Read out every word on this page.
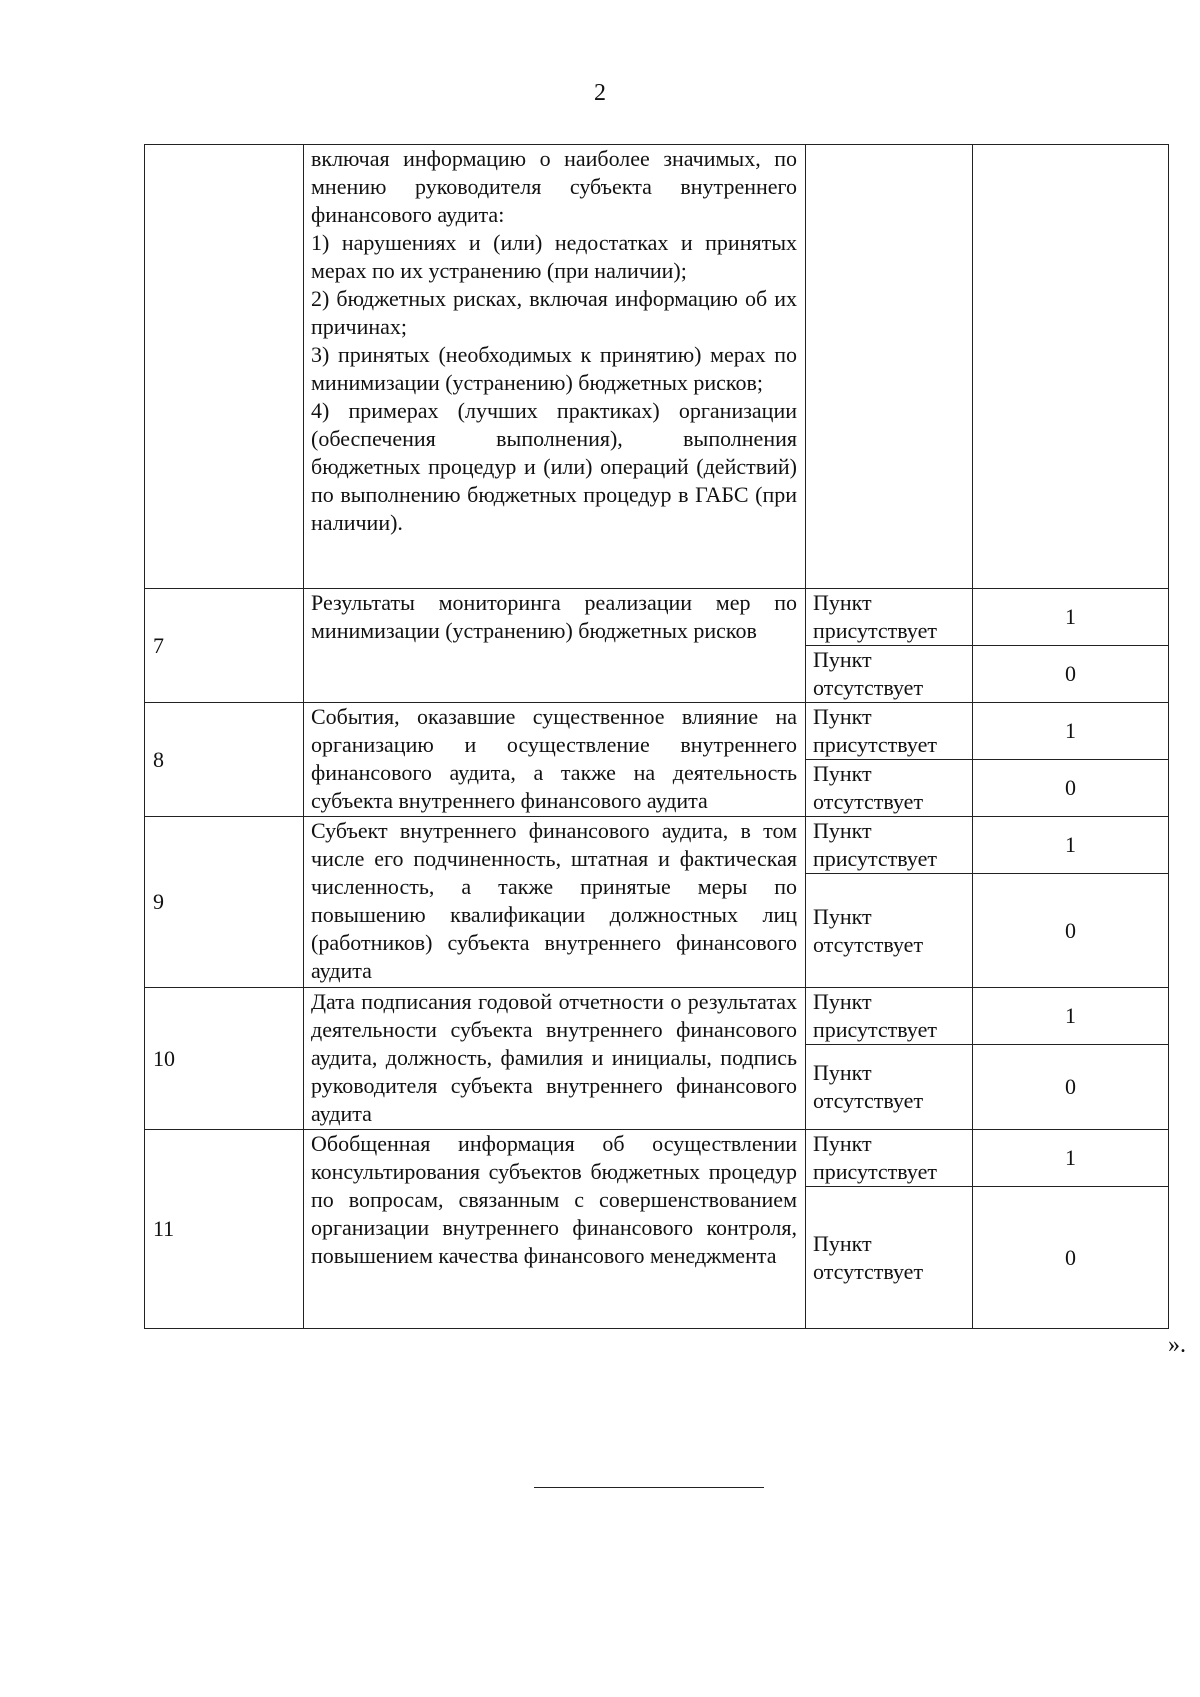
2

	включая информацию о наиболее значимых, по мнению руководителя субъекта внутреннего финансового аудита:
1) нарушениях и (или) недостатках и принятых мерах по их устранению (при наличии);
2) бюджетных рисках, включая информацию об их причинах;
3) принятых (необходимых к принятию) мерах по минимизации (устранению) бюджетных рисков;
4) примерах (лучших практиках) организации (обеспечения выполнения), выполнения бюджетных процедур и (или) операций (действий) по выполнению бюджетных процедур в ГАБС (при наличии).		

7	Результаты мониторинга реализации мер по минимизации (устранению) бюджетных рисков	Пункт присутствует	1
		Пункт отсутствует	0
8	События, оказавшие существенное влияние на организацию и осуществление внутреннего финансового аудита, а также на деятельность субъекта внутреннего финансового аудита	Пункт присутствует	1
		Пункт отсутствует	0
9	Субъект внутреннего финансового аудита, в том числе его подчиненность, штатная и фактическая численность, а также принятые меры по повышению квалификации должностных лиц (работников) субъекта внутреннего финансового аудита	Пункт присутствует	1
		Пункт отсутствует	0
10	Дата подписания годовой отчетности о результатах деятельности субъекта внутреннего финансового аудита, должность, фамилия и инициалы, подпись руководителя субъекта внутреннего финансового аудита	Пункт присутствует	1
		Пункт отсутствует	0
11	Обобщенная информация об осуществлении консультирования субъектов бюджетных процедур по вопросам, связанным с совершенствованием организации внутреннего финансового контроля, повышением качества финансового менеджмента	Пункт присутствует	1
		Пункт отсутствует	0
».
